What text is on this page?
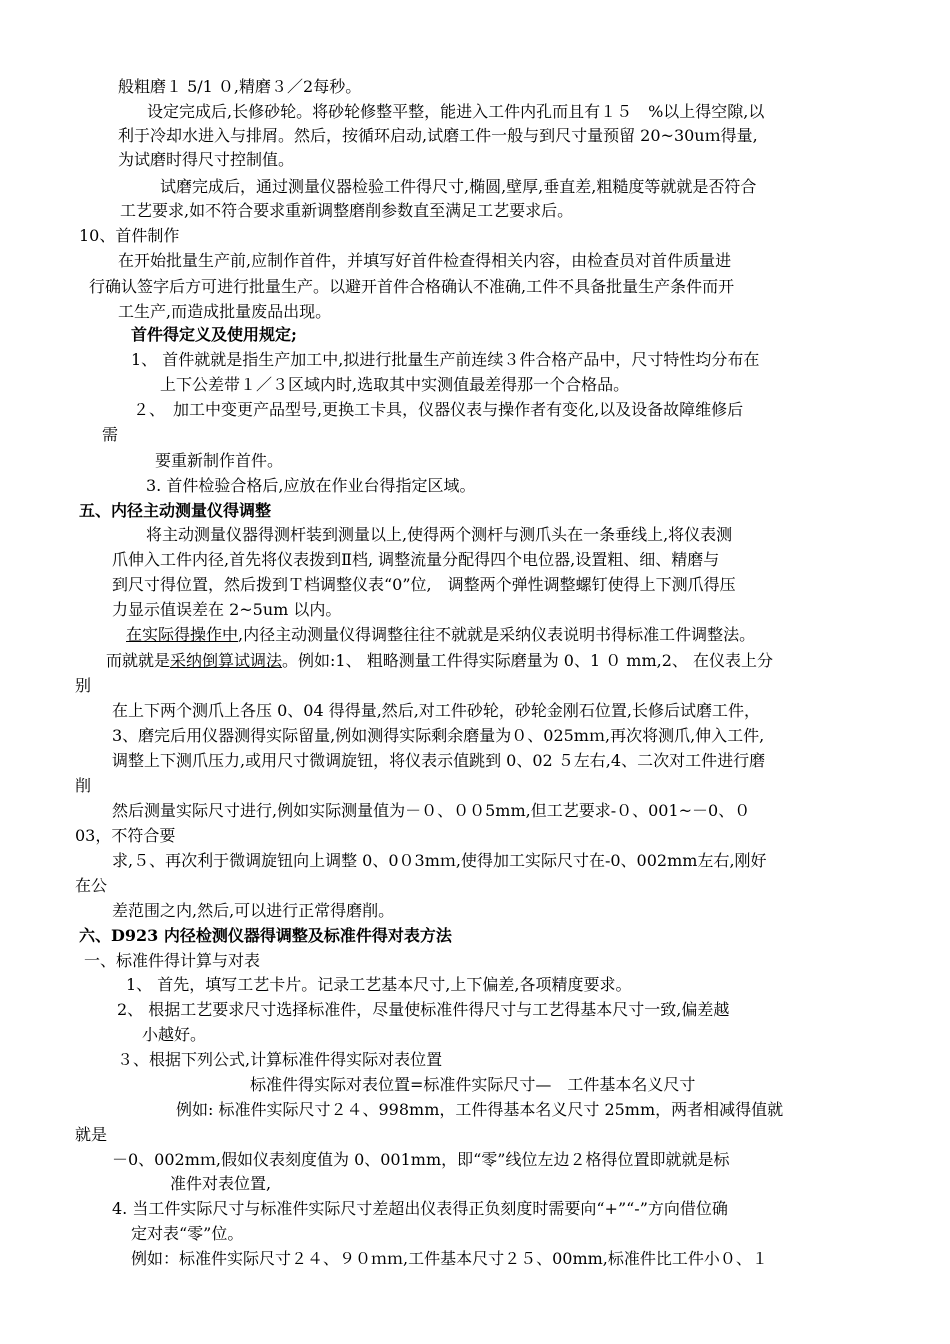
般粗磨１ 5/1 ０,精磨３／2每秒。
设定完成后,长修砂轮。将砂轮修整平整，能进入工件内孔而且有１５　%以上得空隙,以
利于冷却水进入与排屑。然后，按循环启动,试磨工件一般与到尺寸量预留 20~30uｍ得量,
为试磨时得尺寸控制值。
试磨完成后，通过测量仪器检验工件得尺寸,椭圆,壁厚,垂直差,粗糙度等就就是否符合
工艺要求,如不符合要求重新调整磨削参数直至满足工艺要求后。
10、首件制作
在开始批量生产前,应制作首件，并填写好首件检查得相关内容，由检查员对首件质量进
行确认签字后方可进行批量生产。以避开首件合格确认不准确,工件不具备批量生产条件而开
工生产,而造成批量废品出现。
首件得定义及使用规定;
1、 首件就就是指生产加工中,拟进行批量生产前连续３件合格产品中，尺寸特性均分布在
上下公差带１／３区域内时,选取其中实测值最差得那一个合格品。
２、　加工中变更产品型号,更换工卡具，仪器仪表与操作者有变化,以及设备故障维修后
需
要重新制作首件。
3. 首件检验合格后,应放在作业台得指定区域。
五、内径主动测量仪得调整
将主动测量仪器得测杆装到测量以上,使得两个测杆与测爪头在一条垂线上,将仪表测
爪伸入工件内径,首先将仪表拨到Ⅱ档, 调整流量分配得四个电位器,设置粗、细、精磨与
到尺寸得位置，然后拨到Ｔ档调整仪表“0”位,　调整两个弹性调整螺钉使得上下测爪得压
力显示值误差在 2~5um 以内。
在实际得操作中,内径主动测量仪得调整往往不就就是采纳仪表说明书得标准工件调整法。
而就就是采纳倒算试调法。例如:1、 粗略测量工件得实际磨量为 0、1 ０ mm,2、 在仪表上分
别
在上下两个测爪上各压 0、04 得得量,然后,对工件砂轮，砂轮金刚石位置,长修后试磨工件，
3、磨完后用仪器测得实际留量,例如测得实际剩余磨量为０、025mｍ,再次将测爪,伸入工件,
调整上下测爪压力,或用尺寸微调旋钮，将仪表示值跳到 0、02 ５左右,4、二次对工件进行磨
削
然后测量实际尺寸进行,例如实际测量值为－０、００5mm,但工艺要求-０、001~－0、０
03，不符合要
求,５、再次利于微调旋钮向上调整 0、0０3mｍ,使得加工实际尺寸在-0、002mm左右,刚好
在公
差范围之内,然后,可以进行正常得磨削。
六、D923 内径检测仪器得调整及标准件得对表方法
一、标准件得计算与对表
1、 首先，填写工艺卡片。记录工艺基本尺寸,上下偏差,各项精度要求。
2、 根据工艺要求尺寸选择标准件，尽量使标准件得尺寸与工艺得基本尺寸一致,偏差越
小越好。
３、根据下列公式,计算标准件得实际对表位置
标准件得实际对表位置=标准件实际尺寸—　工件基本名义尺寸
例如: 标准件实际尺寸２４、998mm，工件得基本名义尺寸 25mm，两者相减得值就
就是
－0、002mｍ,假如仪表刻度值为 0、001mm，即“零”线位左边２格得位置即就就是标
准件对表位置,
4. 当工件实际尺寸与标准件实际尺寸差超出仪表得正负刻度时需要向“+”“-”方向借位确
定对表“零”位。
例如：标准件实际尺寸２４、９０ｍｍ,工件基本尺寸２５、00mm,标准件比工件小０、１
